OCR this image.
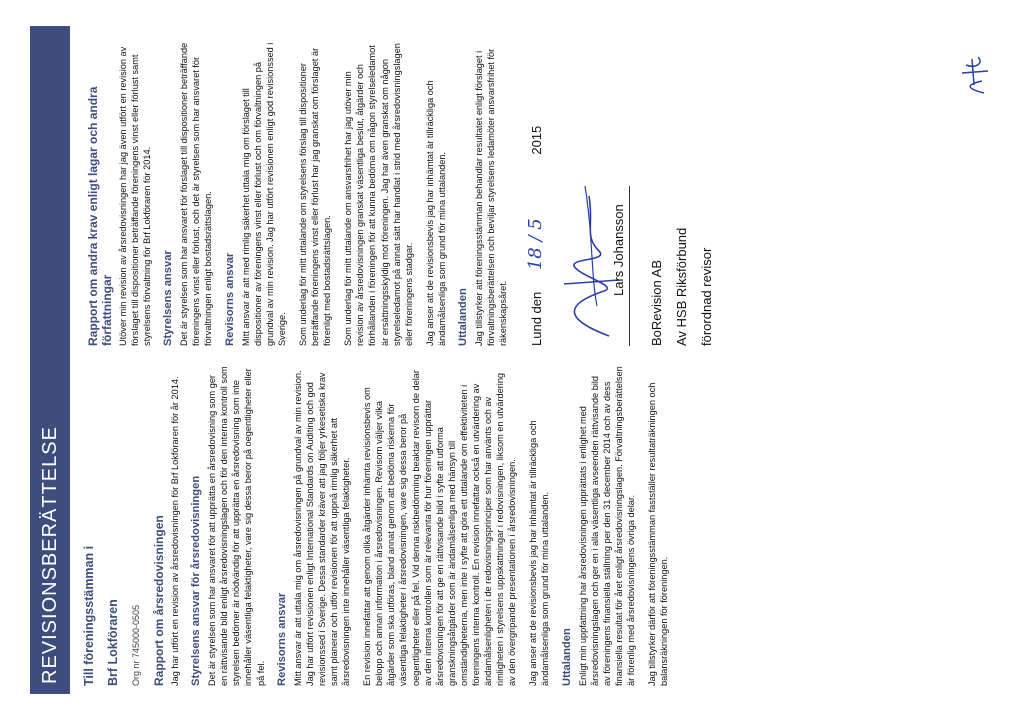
REVISIONSBERÄTTELSE	Till föreningsstämman i Brf Lokföraren Org nr 745000-0505 Rapport om årsredovisningen Jag har utfört en revision av årsredovisningen för Brf Lokföraren för år 2014. Styrelsens ansvar för årsredovisningen Det är styrelsen som har ansvaret för att upprätta en årsredovisning som ger en rättvisande bild enligt årsredovisningslagen och för den interna kontroll som styrelsen bedömer är nödvändig för att upprätta en årsredovisning som inte innehåller väsentliga felaktigheter, vare sig dessa beror på oegentligheter eller på fel. Revisorns ansvar Mitt ansvar är att uttala mig om årsredovisningen på grundval av min revision. Jag har utfört revisionen enligt International Standards on Auditing och god revisionssed i Sverige. Dessa standarder kräver att jag följer yrkesetiska krav samt planerar och utför revisionen för att uppnå rimlig säkerhet att årsredovisningen inte innehåller väsentliga felaktigheter. En revision innefattar att genom olika åtgärder inhämta revisionsbevis om belopp och annan information i årsredovisningen. Revisorn väljer vilka åtgärder som ska utföras, bland annat genom att bedöma riskerna för väsentliga felaktigheter i årsredovisningen, vare sig dessa beror på oegentligheter eller på fel. Vid denna riskbedömning beaktar revisorn de delar av den interna kontrollen som är relevanta för hur föreningen upprättar årsredovisningen för att ge en rättvisande bild i syfte att utforma granskningsåtgärder som är ändamålsenliga med hänsyn till omständigheterna, men inte i syfte att göra ett uttalande om effektiviteten i föreningens interna kontroll. En revision innefattar också en utvärdering av ändamålsenligheten i de redovisningsprinciper som har använts och av rimligheten i styrelsens uppskattningar i redovisningen, liksom en utvärdering av den övergripande presentationen i årsredovisningen. Jag anser att de revisionsbevis jag har inhämtat är tillräckliga och ändamålsenliga som grund för mina uttalanden. Uttalanden Enligt min uppfattning har årsredovisningen upprättats i enlighet med årsredovisningslagen och ger en i alla väsentliga avseenden rättvisande bild av föreningens finansiella ställning per den 31 december 2014 och av dess finansiella resultat för året enligt årsredovisningslagen. Förvaltningsberättelsen är förenlig med årsredovisningens övriga delar. Jag tillstyrker därför att föreningsstämman fastställer resultaträkningen och balansräkningen för föreningen.

Rapport om andra krav enligt lagar och andra författningar Utöver min revision av årsredovisningen har jag även utfört en revision av förslaget till dispositioner beträffande föreningens vinst eller förlust samt styrelsens förvaltning för Brf Lokföraren för 2014. Styrelsens ansvar Det är styrelsen som har ansvaret för förslaget till dispositioner beträffande föreningens vinst eller förlust, och det är styrelsen som har ansvaret för förvaltningen enligt bostadsrättslagen. Revisorns ansvar Mitt ansvar är att med rimlig säkerhet uttala mig om förslaget till dispositioner av föreningens vinst eller förlust och om förvaltningen på grundval av min revision. Jag har utfört revisionen enligt god revisionssed i Sverige. Som underlag för mitt uttalande om styrelsens förslag till dispositioner beträffande föreningens vinst eller förlust har jag granskat om förslaget är förenligt med bostadsrättslagen. Som underlag för mitt uttalande om ansvarsfrihet har jag utöver min revision av årsredovisningen granskat väsentliga beslut, åtgärder och förhållanden i föreningen för att kunna bedöma om någon styrelseledamot är ersättningsskyldig mot föreningen. Jag har även granskat om någon styrelseledamot på annat sätt har handlat i strid med årsredovisningslagen eller föreningens stadgar. Jag anser att de revisionsbevis jag har inhämtat är tillräckliga och ändamålsenliga som grund för mina uttalanden. Uttalanden Jag tillstyrker att föreningsstämman behandlar resultatet enligt förslaget i förvaltningsberättelsen och beviljar styrelsens ledamöter ansvarsfrihet för räkenskapsåret. Lund den 18 / 5 2015

Lars Johansson

BoRevision AB Av HSB Riksförbund förordnad revisor
